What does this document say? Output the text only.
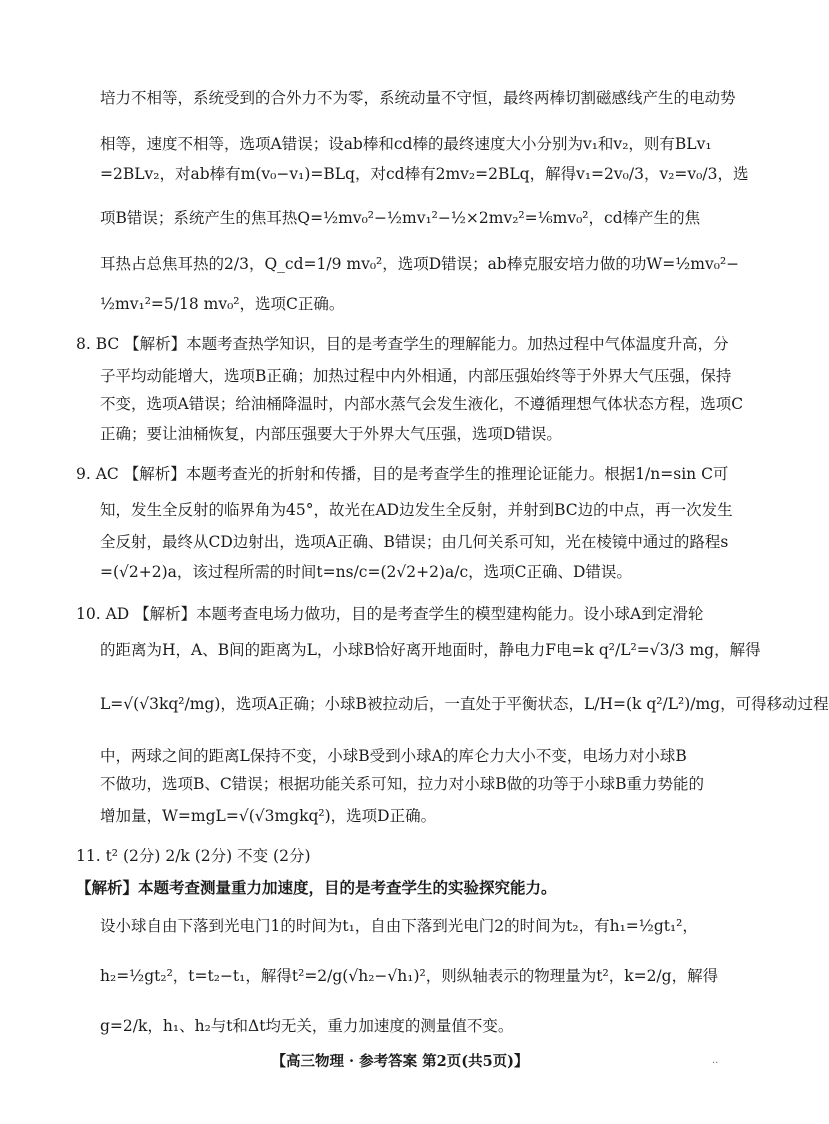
培力不相等，系统受到的合外力不为零，系统动量不守恒，最终两棒切割磁感线产生的电动势
相等，速度不相等，选项A错误；设ab棒和cd棒的最终速度大小分别为v₁和v₂，则有BLv₁
=2BLv₂，对ab棒有m(v₀−v₁)=BLq，对cd棒有2mv₂=2BLq，解得v₁=2v₀/3，v₂=v₀/3，选
项B错误；系统产生的焦耳热Q=½mv₀²−½mv₁²−½×2mv₂²=⅙mv₀²，cd棒产生的焦
耳热占总焦耳热的2/3，Q_cd=1/9 mv₀²，选项D错误；ab棒克服安培力做的功W=½mv₀²−
½mv₁²=5/18 mv₀²，选项C正确。
8. BC 【解析】本题考查热学知识，目的是考查学生的理解能力。加热过程中气体温度升高，分
子平均动能增大，选项B正确；加热过程中内外相通，内部压强始终等于外界大气压强，保持
不变，选项A错误；给油桶降温时，内部水蒸气会发生液化，不遵循理想气体状态方程，选项C
正确；要让油桶恢复，内部压强要大于外界大气压强，选项D错误。
9. AC 【解析】本题考查光的折射和传播，目的是考查学生的推理论证能力。根据1/n=sin C可
知，发生全反射的临界角为45°，故光在AD边发生全反射，并射到BC边的中点，再一次发生
全反射，最终从CD边射出，选项A正确、B错误；由几何关系可知，光在棱镜中通过的路程s
=(√2+2)a，该过程所需的时间t=ns/c=(2√2+2)a/c，选项C正确、D错误。
10. AD 【解析】本题考查电场力做功，目的是考查学生的模型建构能力。设小球A到定滑轮
的距离为H，A、B间的距离为L，小球B恰好离开地面时，静电力F电=k q²/L²=√3/3 mg，解得
L=√(√3kq²/mg)，选项A正确；小球B被拉动后，一直处于平衡状态，L/H=(k q²/L²)/mg，可得移动过程
中，两球之间的距离L保持不变，小球B受到小球A的库仑力大小不变，电场力对小球B
不做功，选项B、C错误；根据功能关系可知，拉力对小球B做的功等于小球B重力势能的
增加量，W=mgL=√(√3mgkq²)，选项D正确。
11. t² (2分) 2/k (2分) 不变 (2分)
【解析】本题考查测量重力加速度，目的是考查学生的实验探究能力。
设小球自由下落到光电门1的时间为t₁，自由下落到光电门2的时间为t₂，有h₁=½gt₁²，
h₂=½gt₂²，t=t₂−t₁，解得t²=2/g(√h₂−√h₁)²，则纵轴表示的物理量为t²，k=2/g，解得
g=2/k，h₁、h₂与t和Δt均无关，重力加速度的测量值不变。
【高三物理 · 参考答案 第2页(共5页)】	··
